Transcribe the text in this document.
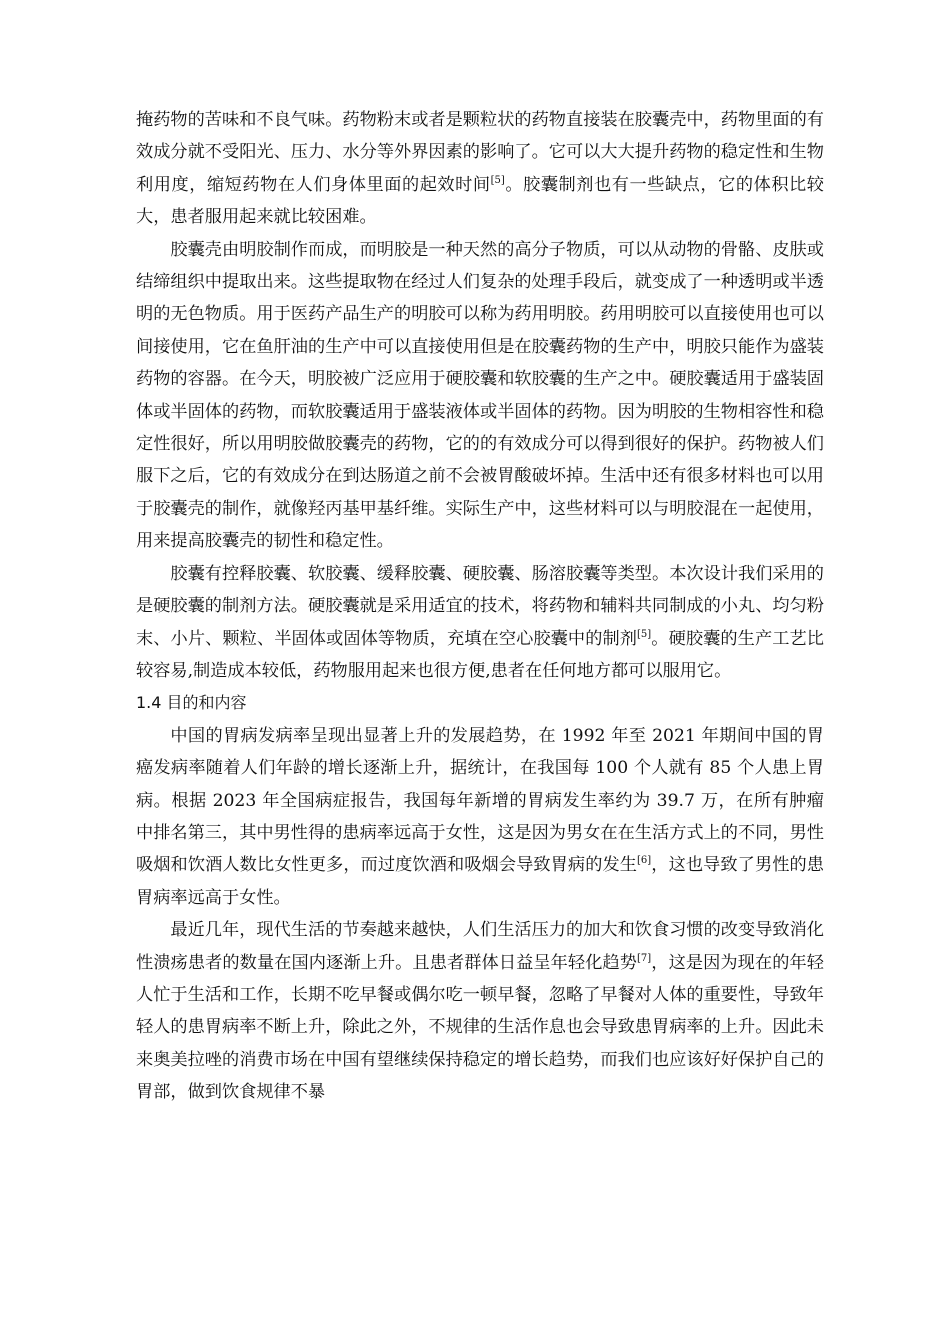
掩药物的苦味和不良气味。药物粉末或者是颗粒状的药物直接装在胶囊壳中，药物里面的有效成分就不受阳光、压力、水分等外界因素的影响了。它可以大大提升药物的稳定性和生物利用度，缩短药物在人们身体里面的起效时间[5]。胶囊制剂也有一些缺点，它的体积比较大，患者服用起来就比较困难。

胶囊壳由明胶制作而成，而明胶是一种天然的高分子物质，可以从动物的骨骼、皮肤或结缔组织中提取出来。这些提取物在经过人们复杂的处理手段后，就变成了一种透明或半透明的无色物质。用于医药产品生产的明胶可以称为药用明胶。药用明胶可以直接使用也可以间接使用，它在鱼肝油的生产中可以直接使用但是在胶囊药物的生产中，明胶只能作为盛装药物的容器。在今天，明胶被广泛应用于硬胶囊和软胶囊的生产之中。硬胶囊适用于盛装固体或半固体的药物，而软胶囊适用于盛装液体或半固体的药物。因为明胶的生物相容性和稳定性很好，所以用明胶做胶囊壳的药物，它的的有效成分可以得到很好的保护。药物被人们服下之后，它的有效成分在到达肠道之前不会被胃酸破坏掉。生活中还有很多材料也可以用于胶囊壳的制作，就像羟丙基甲基纤维。实际生产中，这些材料可以与明胶混在一起使用，用来提高胶囊壳的韧性和稳定性。

胶囊有控释胶囊、软胶囊、缓释胶囊、硬胶囊、肠溶胶囊等类型。本次设计我们采用的是硬胶囊的制剂方法。硬胶囊就是采用适宜的技术，将药物和辅料共同制成的小丸、均匀粉末、小片、颗粒、半固体或固体等物质，充填在空心胶囊中的制剂[5]。硬胶囊的生产工艺比较容易,制造成本较低，药物服用起来也很方便,患者在任何地方都可以服用它。

1.4 目的和内容

中国的胃病发病率呈现出显著上升的发展趋势，在 1992 年至 2021 年期间中国的胃癌发病率随着人们年龄的增长逐渐上升，据统计，在我国每 100 个人就有 85 个人患上胃病。根据 2023 年全国病症报告，我国每年新增的胃病发生率约为 39.7 万，在所有肿瘤中排名第三，其中男性得的患病率远高于女性，这是因为男女在在生活方式上的不同，男性吸烟和饮酒人数比女性更多，而过度饮酒和吸烟会导致胃病的发生[6]，这也导致了男性的患胃病率远高于女性。

最近几年，现代生活的节奏越来越快，人们生活压力的加大和饮食习惯的改变导致消化性溃疡患者的数量在国内逐渐上升。且患者群体日益呈年轻化趋势[7]，这是因为现在的年轻人忙于生活和工作，长期不吃早餐或偶尔吃一顿早餐，忽略了早餐对人体的重要性，导致年轻人的患胃病率不断上升，除此之外，不规律的生活作息也会导致患胃病率的上升。因此未来奥美拉唑的消费市场在中国有望继续保持稳定的增长趋势，而我们也应该好好保护自己的胃部，做到饮食规律不暴
